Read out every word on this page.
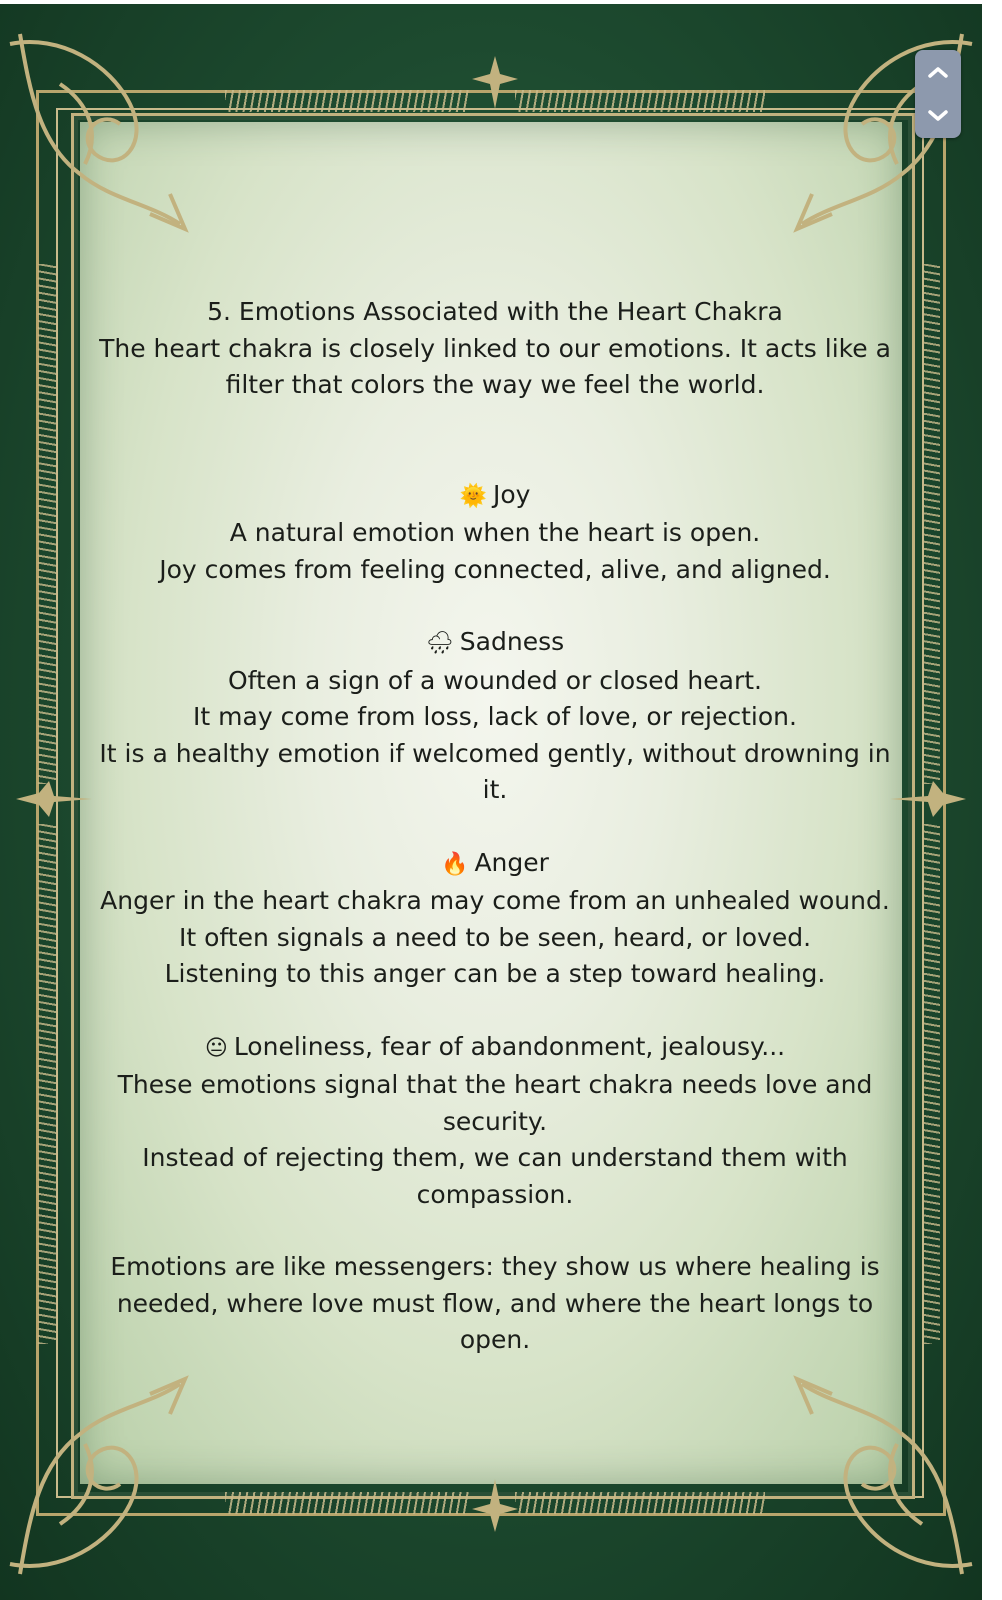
5. Emotions Associated with the Heart Chakra

The heart chakra is closely linked to our emotions. It acts like a

filter that colors the way we feel the world.

🌞 Joy

A natural emotion when the heart is open.

Joy comes from feeling connected, alive, and aligned.

🌧 Sadness

Often a sign of a wounded or closed heart.

It may come from loss, lack of love, or rejection.

It is a healthy emotion if welcomed gently, without drowning in it.

🔥 Anger

Anger in the heart chakra may come from an unhealed wound.

It often signals a need to be seen, heard, or loved.

Listening to this anger can be a step toward healing.

😐 Loneliness, fear of abandonment, jealousy...

These emotions signal that the heart chakra needs love and

security.

Instead of rejecting them, we can understand them with

compassion.

Emotions are like messengers: they show us where healing is

needed, where love must flow, and where the heart longs to

open.
